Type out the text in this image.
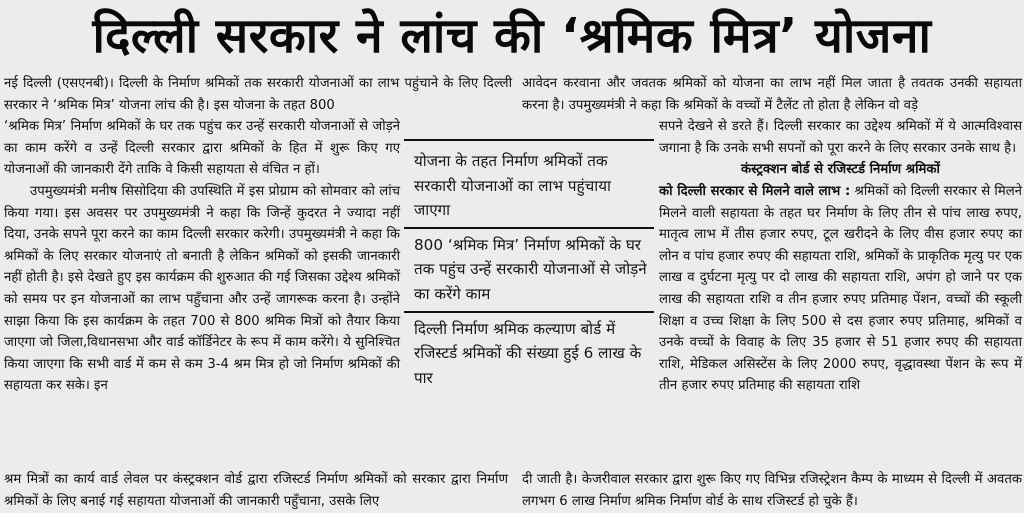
दिल्ली सरकार ने लांच की ‘श्रमिक मित्र’ योजना

नई दिल्ली (एसएनबी)। दिल्ली के निर्माण श्रमिकों तक सरकारी योजनाओं का लाभ पहुंचाने के लिए दिल्ली सरकार ने ‘श्रमिक मित्र’ योजना लांच की है। इस योजना के तहत 800

‘श्रमिक मित्र’ निर्माण श्रमिकों के घर तक पहुंच कर उन्हें सरकारी योजनाओं से जोड़ने का काम करेंगे व उन्हें दिल्ली सरकार द्वारा श्रमिकों के हित में शुरू किए गए योजनाओं की जानकारी देंगे ताकि वे किसी सहायता से वंचित न हों।

उपमुख्यमंत्री मनीष सिसोदिया की उपस्थिति में इस प्रोग्राम को सोमवार को लांच किया गया। इस अवसर पर उपमुख्यमंत्री ने कहा कि जिन्हें कुदरत ने ज्यादा नहीं दिया, उनके सपने पूरा करने का काम दिल्ली सरकार करेगी। उपमुख्यमंत्री ने कहा कि श्रमिकों के लिए सरकार योजनाएं तो बनाती है लेकिन श्रमिकों को इसकी जानकारी नहीं होती है। इसे देखते हुए इस कार्यक्रम की शुरुआत की गई जिसका उद्देश्य श्रमिकों को समय पर इन योजनाओं का लाभ पहुँचाना और उन्हें जागरूक करना है। उन्होंने साझा किया कि इस कार्यक्रम के तहत 700 से 800 श्रमिक मित्रों को तैयार किया जाएगा जो जिला,विधानसभा और वार्ड कॉर्डिनेटर के रूप में काम करेंगे। ये सुनिश्चित किया जाएगा कि सभी वार्ड में कम से कम 3-4 श्रम मित्र हो जो निर्माण श्रमिकों की सहायता कर सके। इन

योजना के तहत निर्माण श्रमिकों तक सरकारी योजनाओं का लाभ पहुंचाया जाएगा
800 ‘श्रमिक मित्र’ निर्माण श्रमिकों के घर तक पहुंच उन्हें सरकारी योजनाओं से जोड़ने का करेंगे काम
दिल्ली निर्माण श्रमिक कल्याण बोर्ड में रजिस्टर्ड श्रमिकों की संख्या हुई 6 लाख के पार

आवेदन करवाना और जवतक श्रमिकों को योजना का लाभ नहीं मिल जाता है तवतक उनकी सहायता करना है। उपमुख्यमंत्री ने कहा कि श्रमिकों के वच्चों में टैलेंट तो होता है लेकिन वो वड़े

सपने देखने से डरते हैं। दिल्ली सरकार का उद्देश्य श्रमिकों में ये आत्मविश्वास जगाना है कि उनके सभी सपनों को पूरा करने के लिए सरकार उनके साथ है।

कंस्ट्रक्शन बोर्ड से रजिस्टर्ड निर्माण श्रमिकों

को दिल्ली सरकार से मिलने वाले लाभ : श्रमिकों को दिल्ली सरकार से मिलने मिलने वाली सहायता के तहत घर निर्माण के लिए तीन से पांच लाख रुपए, मातृत्व लाभ में तीस हजार रुपए, टूल खरीदने के लिए वीस हजार रुपए का लोन व पांच हजार रुपए की सहायता राशि, श्रमिकों के प्राकृतिक मृत्यु पर एक लाख व दुर्घटना मृत्यु पर दो लाख की सहायता राशि, अपंग हो जाने पर एक लाख की सहायता राशि व तीन हजार रुपए प्रतिमाह पेंशन, वच्चों की स्कूली शिक्षा व उच्च शिक्षा के लिए 500 से दस हजार रुपए प्रतिमाह, श्रमिकों व उनके वच्चों के विवाह के लिए 35 हजार से 51 हजार रुपए की सहायता राशि, मेडिकल असिस्टेंस के लिए 2000 रुपए, वृद्धावस्था पेंशन के रूप में तीन हजार रुपए प्रतिमाह की सहायता राशि

श्रम मित्रों का कार्य वार्ड लेवल पर कंस्ट्रक्शन वोर्ड द्वारा रजिस्टर्ड निर्माण श्रमिकों को सरकार द्वारा निर्माण श्रमिकों के लिए बनाई गई सहायता योजनाओं की जानकारी पहुँचाना, उसके लिए

दी जाती है। केजरीवाल सरकार द्वारा शुरू किए गए विभिन्न रजिस्ट्रेशन कैम्प के माध्यम से दिल्ली में अवतक लगभग 6 लाख निर्माण श्रमिक निर्माण वोर्ड के साथ रजिस्टर्ड हो चुके हैं।
